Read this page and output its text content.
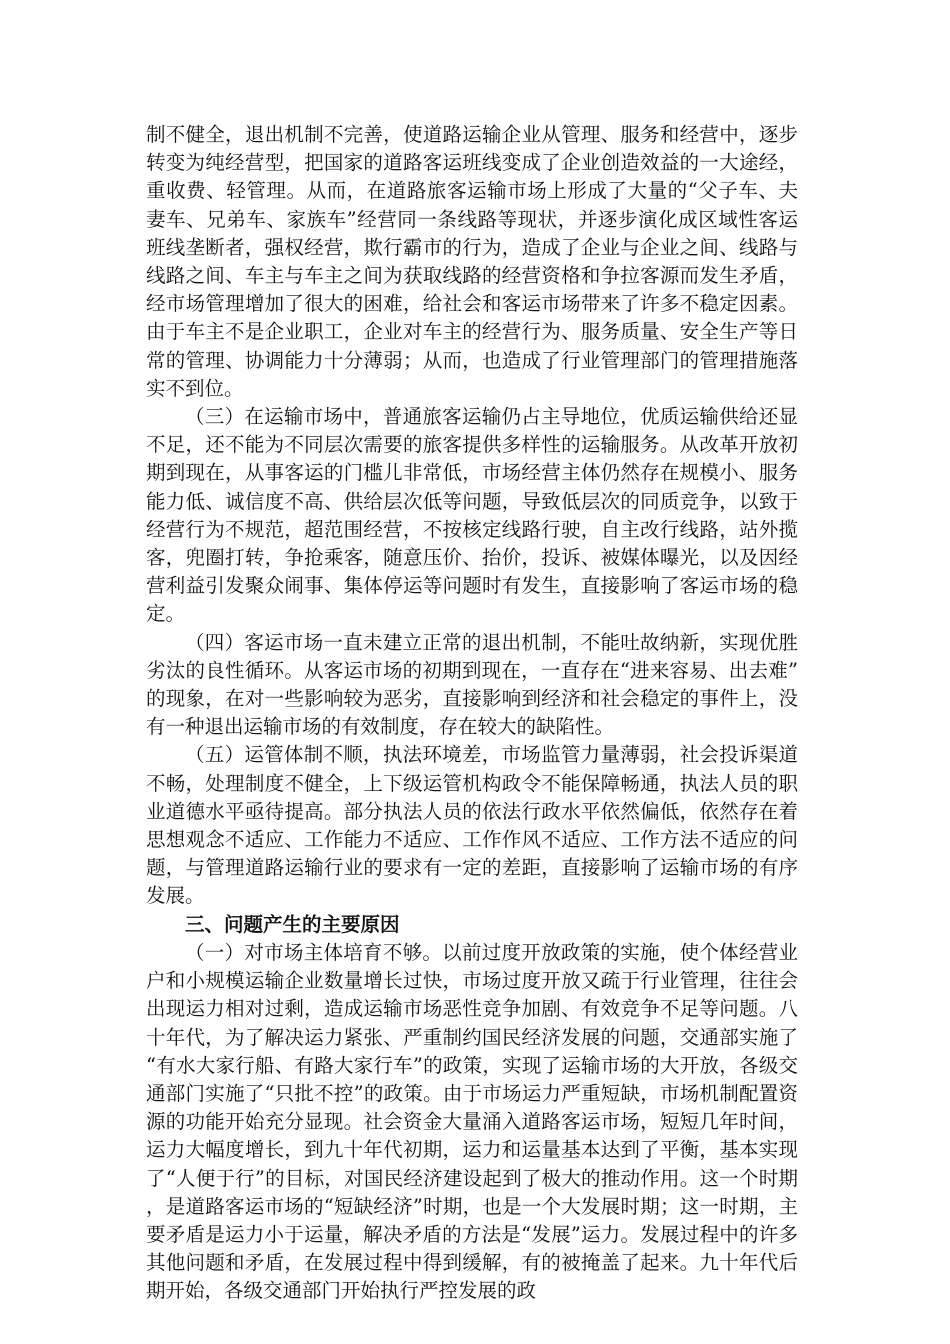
制不健全，退出机制不完善，使道路运输企业从管理、服务和经营中，逐步转变为纯经营型，把国家的道路客运班线变成了企业创造效益的一大途经，重收费、轻管理。从而，在道路旅客运输市场上形成了大量的“父子车、夫妻车、兄弟车、家族车”经营同一条线路等现状，并逐步演化成区域性客运班线垄断者，强权经营，欺行霸市的行为，造成了企业与企业之间、线路与线路之间、车主与车主之间为获取线路的经营资格和争拉客源而发生矛盾，经市场管理增加了很大的困难，给社会和客运市场带来了许多不稳定因素。由于车主不是企业职工，企业对车主的经营行为、服务质量、安全生产等日常的管理、协调能力十分薄弱；从而，也造成了行业管理部门的管理措施落实不到位。

（三）在运输市场中，普通旅客运输仍占主导地位，优质运输供给还显不足，还不能为不同层次需要的旅客提供多样性的运输服务。从改革开放初期到现在，从事客运的门槛儿非常低，市场经营主体仍然存在规模小、服务能力低、诚信度不高、供给层次低等问题，导致低层次的同质竞争，以致于经营行为不规范，超范围经营，不按核定线路行驶，自主改行线路，站外揽客，兜圈打转，争抢乘客，随意压价、抬价，投诉、被媒体曝光，以及因经营利益引发聚众闹事、集体停运等问题时有发生，直接影响了客运市场的稳定。

（四）客运市场一直未建立正常的退出机制，不能吐故纳新，实现优胜劣汰的良性循环。从客运市场的初期到现在，一直存在“进来容易、出去难”的现象，在对一些影响较为恶劣，直接影响到经济和社会稳定的事件上，没有一种退出运输市场的有效制度，存在较大的缺陷性。

（五）运管体制不顺，执法环境差，市场监管力量薄弱，社会投诉渠道不畅，处理制度不健全，上下级运管机构政令不能保障畅通，执法人员的职业道德水平亟待提高。部分执法人员的依法行政水平依然偏低，依然存在着思想观念不适应、工作能力不适应、工作作风不适应、工作方法不适应的问题，与管理道路运输行业的要求有一定的差距，直接影响了运输市场的有序发展。

三、问题产生的主要原因

（一）对市场主体培育不够。以前过度开放政策的实施，使个体经营业户和小规模运输企业数量增长过快，市场过度开放又疏于行业管理，往往会出现运力相对过剩，造成运输市场恶性竞争加剧、有效竞争不足等问题。八十年代，为了解决运力紧张、严重制约国民经济发展的问题，交通部实施了“有水大家行船、有路大家行车”的政策，实现了运输市场的大开放，各级交通部门实施了“只批不控”的政策。由于市场运力严重短缺，市场机制配置资源的功能开始充分显现。社会资金大量涌入道路客运市场，短短几年时间，运力大幅度增长，到九十年代初期，运力和运量基本达到了平衡，基本实现了“人便于行”的目标，对国民经济建设起到了极大的推动作用。这一个时期，是道路客运市场的“短缺经济”时期，也是一个大发展时期；这一时期，主要矛盾是运力小于运量，解决矛盾的方法是“发展”运力。发展过程中的许多其他问题和矛盾，在发展过程中得到缓解，有的被掩盖了起来。九十年代后期开始，各级交通部门开始执行严控发展的政
